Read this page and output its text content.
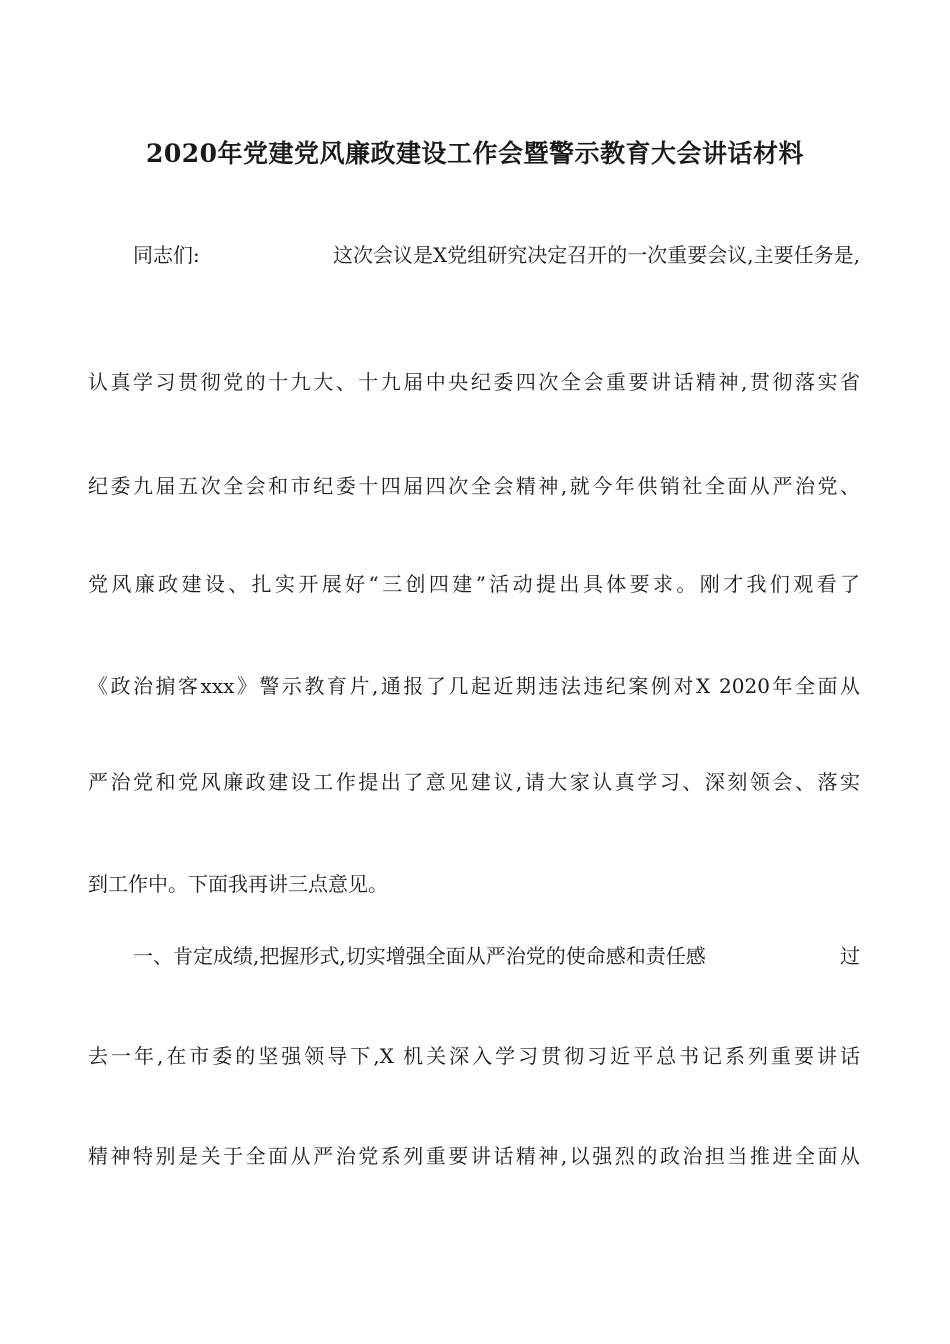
2020年党建党风廉政建设工作会暨警示教育大会讲话材料
同志们:	这次会议是X党组研究决定召开的一次重要会议,主要任务是,
认真学习贯彻党的十九大、十九届中央纪委四次全会重要讲话精神,贯彻落实省
纪委九届五次全会和市纪委十四届四次全会精神,就今年供销社全面从严治党、
党风廉政建设、扎实开展好“三创四建”活动提出具体要求。刚才我们观看了
《政治掮客xxx》警示教育片,通报了几起近期违法违纪案例对X 2020年全面从
严治党和党风廉政建设工作提出了意见建议,请大家认真学习、深刻领会、落实
到工作中。下面我再讲三点意见。
一、肯定成绩,把握形式,切实增强全面从严治党的使命感和责任感	过
去一年,在市委的坚强领导下,X 机关深入学习贯彻习近平总书记系列重要讲话
精神特别是关于全面从严治党系列重要讲话精神,以强烈的政治担当推进全面从
